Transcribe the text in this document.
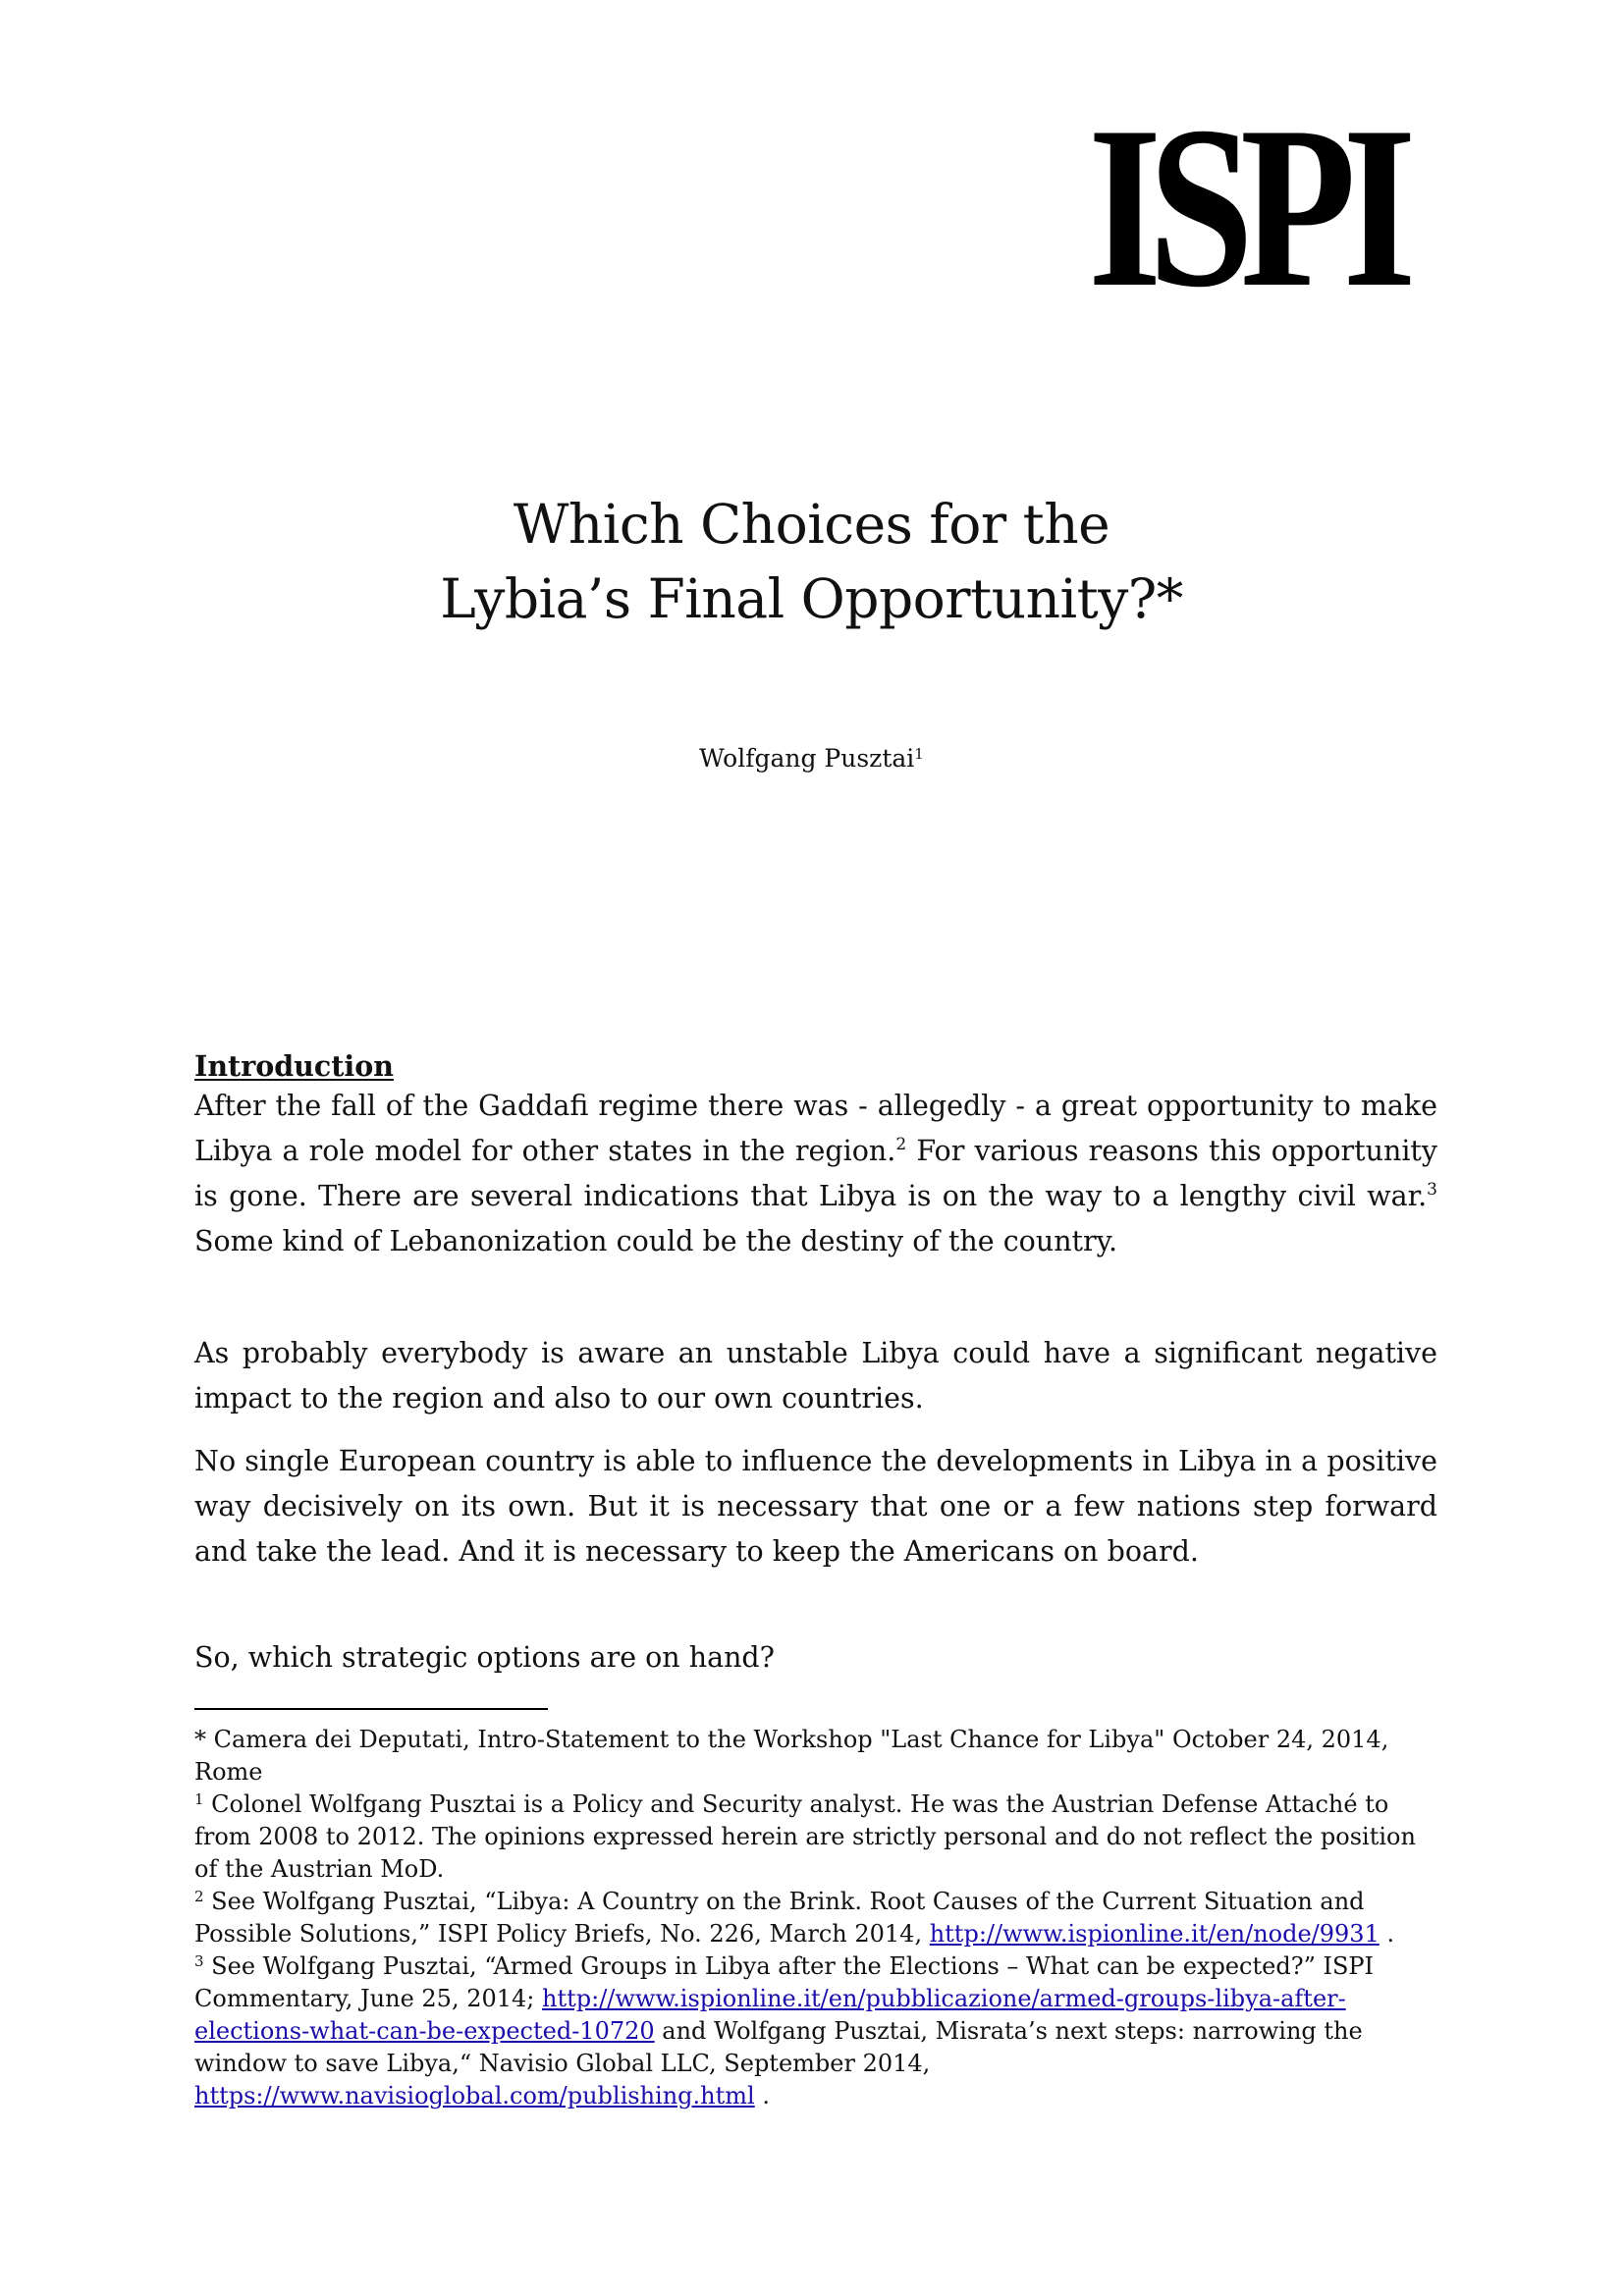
ISPI
Which Choices for the
Lybia’s Final Opportunity?*
Wolfgang Pusztai$^1$
Introduction

After the fall of the Gaddafi regime there was - allegedly - a great opportunity to make Libya a role model for other states in the region.$^2$ For various reasons this opportunity is gone. There are several indications that Libya is on the way to a lengthy civil war.$^3$ Some kind of Lebanonization could be the destiny of the country.

As probably everybody is aware an unstable Libya could have a significant negative impact to the region and also to our own countries.

No single European country is able to influence the developments in Libya in a positive way decisively on its own. But it is necessary that one or a few nations step forward and take the lead. And it is necessary to keep the Americans on board.

So, which strategic options are on hand?

* Camera dei Deputati, Intro-Statement to the Workshop "Last Chance for Libya" October 24, 2014, Rome

$^1$ Colonel Wolfgang Pusztai is a Policy and Security analyst. He was the Austrian Defense Attaché to from 2008 to 2012. The opinions expressed herein are strictly personal and do not reflect the position of the Austrian MoD.

$^2$ See Wolfgang Pusztai, “Libya: A Country on the Brink. Root Causes of the Current Situation and Possible Solutions,” ISPI Policy Briefs, No. 226, March 2014, http://www.ispionline.it/en/node/9931 .

$^3$ See Wolfgang Pusztai, “Armed Groups in Libya after the Elections – What can be expected?” ISPI Commentary, June 25, 2014; http://www.ispionline.it/en/pubblicazione/armed-groups-libya-after-elections-what-can-be-expected-10720 and Wolfgang Pusztai, Misrata’s next steps: narrowing the window to save Libya,“ Navisio Global LLC, September 2014, https://www.navisioglobal.com/publishing.html .
